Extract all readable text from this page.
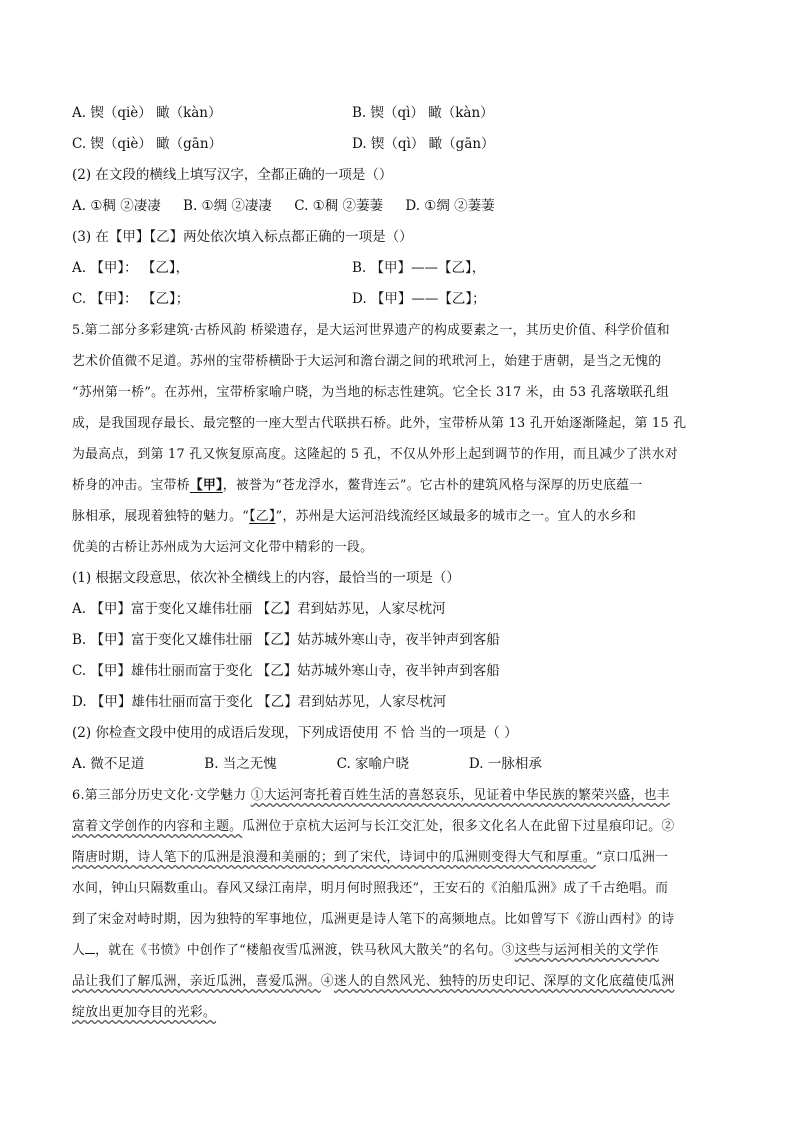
A. 锲（qiè） 瞰（kàn）	B. 锲（qì） 瞰（kàn）
C. 锲（qiè） 瞰（gān）	D. 锲（qì） 瞰（gān）
(2) 在文段的横线上填写汉字，全都正确的一项是（）
A. ①稠 ②凄凄 B. ①绸 ②凄凄 C. ①稠 ②萋萋 D. ①绸 ②萋萋
(3) 在【甲】【乙】两处依次填入标点都正确的一项是（）
A. 【甲】： 【乙】，	B. 【甲】——【乙】，
C. 【甲】： 【乙】；	D. 【甲】——【乙】；
5.第二部分多彩建筑·古桥风韵 桥梁遗存，是大运河世界遗产的构成要素之一，其历史价值、科学价值和
艺术价值微不足道。苏州的宝带桥横卧于大运河和澹台湖之间的玳玳河上，始建于唐朝，是当之无愧的
“苏州第一桥”。在苏州，宝带桥家喻户晓，为当地的标志性建筑。它全长 317 米，由 53 孔落墩联孔组
成，是我国现存最长、最完整的一座大型古代联拱石桥。此外，宝带桥从第 13 孔开始逐渐隆起，第 15 孔
为最高点，到第 17 孔又恢复原高度。这隆起的 5 孔，不仅从外形上起到调节的作用，而且减少了洪水对
桥身的冲击。宝带桥【甲】，被誉为“苍龙浮水，鳌背连云”。它古朴的建筑风格与深厚的历史底蕴一
脉相承，展现着独特的魅力。“【乙】”，苏州是大运河沿线流经区域最多的城市之一。宜人的水乡和
优美的古桥让苏州成为大运河文化带中精彩的一段。
(1) 根据文段意思，依次补全横线上的内容，最恰当的一项是（）
A. 【甲】富于变化又雄伟壮丽 【乙】君到姑苏见，人家尽枕河
B. 【甲】富于变化又雄伟壮丽 【乙】姑苏城外寒山寺，夜半钟声到客船
C. 【甲】雄伟壮丽而富于变化 【乙】姑苏城外寒山寺，夜半钟声到客船
D. 【甲】雄伟壮丽而富于变化 【乙】君到姑苏见，人家尽枕河
(2) 你检查文段中使用的成语后发现，下列成语使用 不 恰 当的一项是（ ）
A. 微不足道	B. 当之无愧	C. 家喻户晓	D. 一脉相承
6.第三部分历史文化·文学魅力 ①大运河寄托着百姓生活的喜怒哀乐，见证着中华民族的繁荣兴盛，也丰
富着文学创作的内容和主题。瓜洲位于京杭大运河与长江交汇处，很多文化名人在此留下过星痕印记。②
隋唐时期，诗人笔下的瓜洲是浪漫和美丽的；到了宋代，诗词中的瓜洲则变得大气和厚重。“京口瓜洲一
水间，钟山只隔数重山。春风又绿江南岸，明月何时照我还”，王安石的《泊船瓜洲》成了千古绝唱。而
到了宋金对峙时期，因为独特的军事地位，瓜洲更是诗人笔下的高频地点。比如曾写下《游山西村》的诗
人 ，就在《书愤》中创作了“楼船夜雪瓜洲渡，铁马秋风大散关”的名句。③这些与运河相关的文学作
品让我们了解瓜洲，亲近瓜洲，喜爱瓜洲。④迷人的自然风光、独特的历史印记、深厚的文化底蕴使瓜洲
绽放出更加夺目的光彩。
